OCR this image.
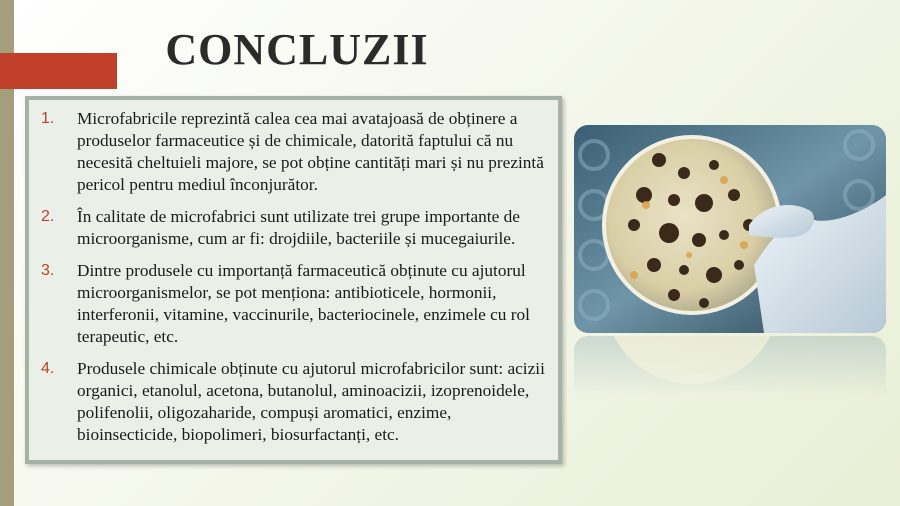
CONCLUZII
1. Microfabricile reprezintă calea cea mai avatajoasă de obținere a produselor farmaceutice și de chimicale, datorită faptului că nu necesită cheltuieli majore, se pot obține cantități mari și nu prezintă pericol pentru mediul înconjurător.
2. În calitate de microfabrici sunt utilizate trei grupe importante de microorganisme, cum ar fi: drojdiile, bacteriile și mucegaiurile.
3. Dintre produsele cu importanță farmaceutică obținute cu ajutorul microorganismelor, se pot menționa: antibioticele, hormonii, interferonii, vitamine, vaccinurile, bacteriocinele, enzimele cu rol terapeutic, etc.
4. Produsele chimicale obținute cu ajutorul microfabricilor sunt: acizii organici, etanolul, acetona, butanolul, aminoacizii, izoprenoidele, polifenolii, oligozaharide, compuși aromatici, enzime, bioinsecticide, biopolimeri, biosurfactanți, etc.
